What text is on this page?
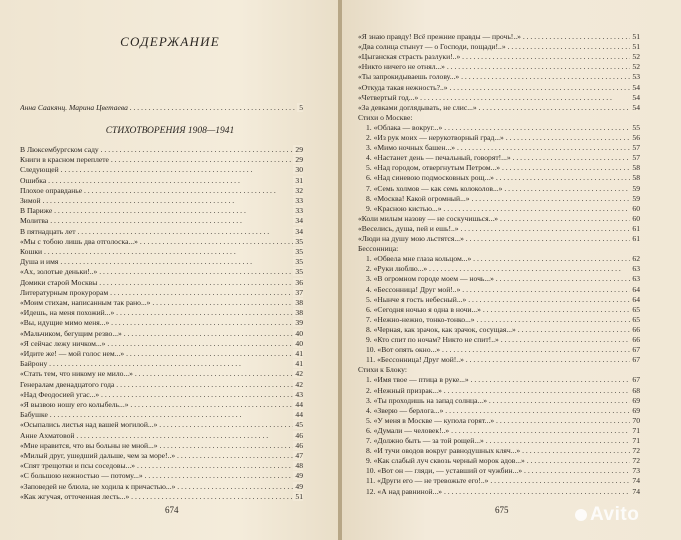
СОДЕРЖАНИЕ
Анна Саакянц. Марина Цветаева . . .	5
СТИХОТВОРЕНИЯ 1908—1941
В Люксембургском саду . . .	29
Книги в красном переплете . . .	29
Следующей . . .	30
Ошибка . . .	31
Плохое оправданье . . .	32
Зимой . . .	33
В Париже . . .	33
Молитва . . .	34
В пятнадцать лет . . .	34
«Мы с тобою лишь два отголоска...» . . .	35
Кошки . . .	35
Душа и имя . . .	35
«Ах, золотые деньки!..» . . .	35
Домики старой Москвы . . .	36
Литературным прокурорам . . .	37
«Моим стихам, написанным так рано...» . . .	38
«Идешь, на меня похожий...» . . .	38
«Вы, идущие мимо меня...» . . .	39
«Мальчиком, бегущим резво...» . . .	40
«Я сейчас лежу ничком...» . . .	40
«Идите же! — мой голос нем...» . . .	41
Байрону . . .	41
«Стать тем, что никому не мило...» . . .	42
Генералам двенадцатого года . . .	42
«Над Феодосией угас...» . . .	43
«Я вызвою ношу его колыбель...» . . .	44
Бабушке . . .	44
«Осыпались листья над вашей могилой...» . . .	45
Анне Ахматовой . . .	46
«Мне нравится, что вы больны не мной...» . . .	46
«Милый друг, ушедший дальше, чем за море!..» . . .	47
«Спят трещотки и псы соседовы...» . . .	48
«С большою нежностью — потому...» . . .	49
«Заповедей не блюла, не ходила к причастью...» . . .	49
«Как жгучая, отточенная лесть...» . . .	51
674
«Я знаю правду! Всё прежние правды — прочь!..» . . .	51
«Два солнца стынут — о Господи, пощади!..» . . .	51
«Цыганская страсть разлуки!..» . . .	52
«Никто ничего не отнял...» . . .	52
«Ты запрокидываешь голову...» . . .	53
«Откуда такая нежность?..» . . .	54
«Четвертый год...» . . .	54
«За девками доглядывать, не слис...» . . .	54
Стихи о Москве:
1. «Облака — вокруг...» . . .	55
2. «Из рук моих — нерукотворный град...» . . .	56
3. «Мимо ночных башен...» . . .	57
4. «Настанет день — печальный, говорят!...» . . .	57
5. «Над городом, отвергнутым Петром...» . . .	58
6. «Над синевою подмосковных рощ...» . . .	58
7. «Семь холмов — как семь колоколов...» . . .	59
8. «Москва! Какой огромный...» . . .	59
9. «Красною кистью...» . . .	60
«Коли милым назову — не соскучишься...» . . .	60
«Веселись, душа, пей и ешь!..» . . .	61
«Люди на душу мою льстятся...» . . .	61
Бессонница:
1. «Обвела мне глаза кольцом...» . . .	62
2. «Руки люблю...» . . .	63
3. «В огромном городе моем — ночь...» . . .	63
4. «Бессонница! Друг мой!..» . . .	64
5. «Нынче я гость небесный...» . . .	64
6. «Сегодня ночью я одна в ночи...» . . .	65
7. «Нежно-нежно, тонко-тонко...» . . .	65
8. «Черная, как зрачок, как зрачок, сосущая...» . . .	66
9. «Кто спит по ночам? Никто не спит!..» . . .	66
10. «Вот опять окно...» . . .	67
11. «Бессонница! Друг мой!..» . . .	67
Стихи к Блоку:
1. «Имя твое — птица в руке...» . . .	67
2. «Нежный призрак...» . . .	68
3. «Ты проходишь на запад солнца...» . . .	69
4. «Зверю — берлога...» . . .	69
5. «У меня в Москве — купола горят...» . . .	70
6. «Думали — человек!..» . . .	71
7. «Должно быть — за той рощей...» . . .	71
8. «И тучи оводов вокруг равнодушных кляч...» . . .	72
9. «Как слабый луч сквозь черный морок адов...» . . .	72
10. «Вот он — гляди, — уставший от чужбин...» . . .	73
11. «Други его — не тревожьте его!..» . . .	74
12. «А над равниной...» . . .	74
675	Avito
